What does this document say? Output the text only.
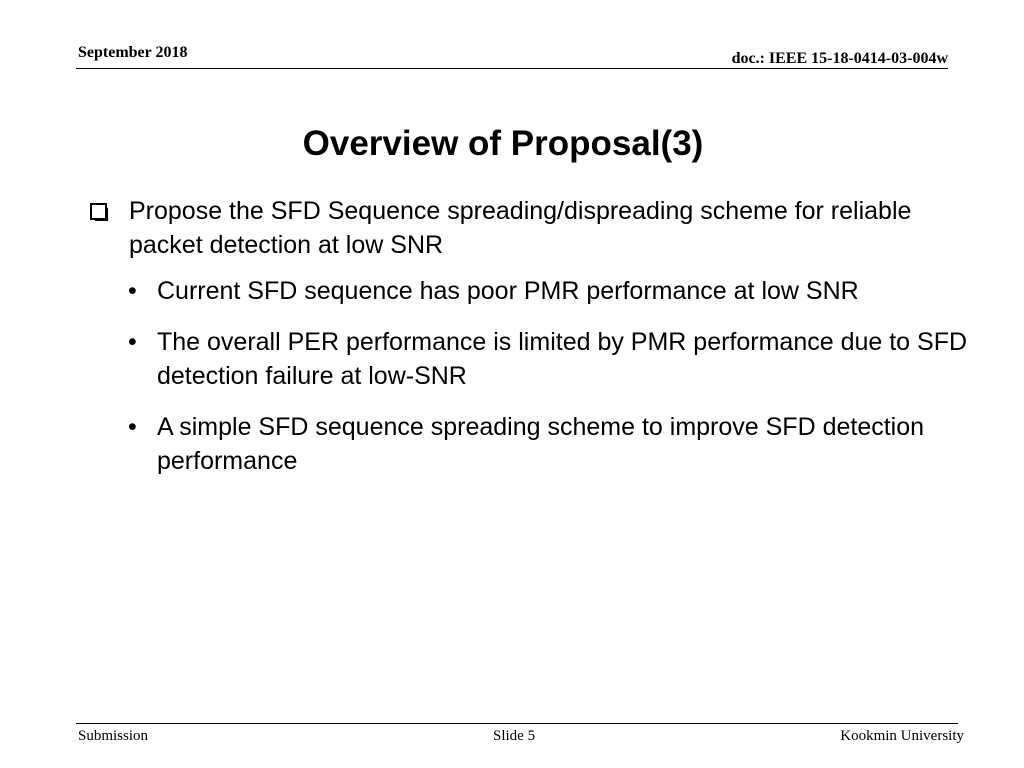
September 2018	doc.: IEEE 15-18-0414-03-004w
Overview of Proposal(3)
Propose the SFD Sequence spreading/dispreading scheme for reliable packet detection at low SNR
• Current SFD sequence has poor PMR performance at low SNR
• The overall PER performance is limited by PMR performance due to SFD detection failure at low-SNR
• A simple SFD sequence spreading scheme to improve SFD detection performance
Submission	Slide 5	Kookmin University
